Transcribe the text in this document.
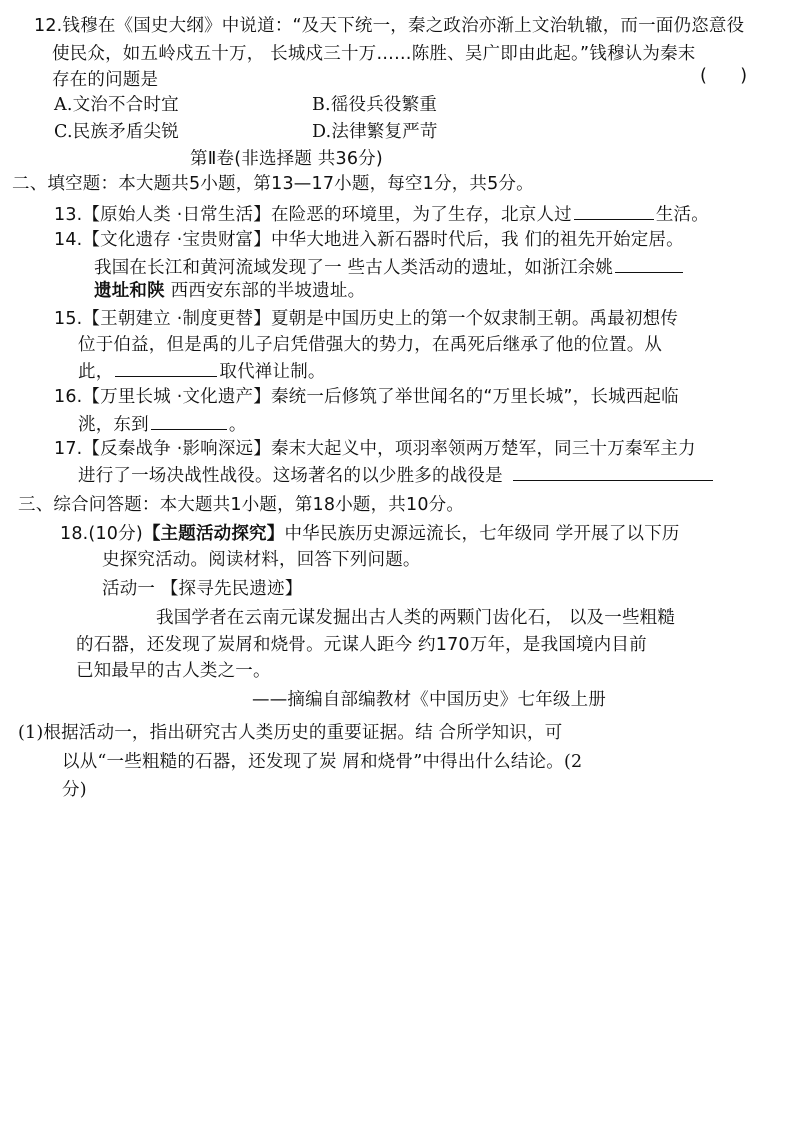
12.钱穆在《国史大纲》中说道：“及天下统一，秦之政治亦渐上文治轨辙，而一面仍恣意役
使民众，如五岭戍五十万， 长城戍三十万……陈胜、吴广即由此起。”钱穆认为秦末
存在的问题是	(      )
A.文治不合时宜	B.徭役兵役繁重
C.民族矛盾尖锐	D.法律繁复严苛
第Ⅱ卷(非选择题 共36分)
二、填空题：本大题共5小题，第13—17小题，每空1分，共5分。
13.【原始人类 ·日常生活】在险恶的环境里，为了生存，北京人过	生活。
14.【文化遗存 ·宝贵财富】中华大地进入新石器时代后，我 们的祖先开始定居。
我国在长江和黄河流域发现了一 些古人类活动的遗址，如浙江余姚
遗址和陕 西西安东部的半坡遗址。
15.【王朝建立 ·制度更替】夏朝是中国历史上的第一个奴隶制王朝。禹最初想传
位于伯益，但是禹的儿子启凭借强大的势力，在禹死后继承了他的位置。从
此，	取代禅让制。
16.【万里长城 ·文化遗产】秦统一后修筑了举世闻名的“万里长城”，长城西起临
洮，东到	。
17.【反秦战争 ·影响深远】秦末大起义中，项羽率领两万楚军，同三十万秦军主力
进行了一场决战性战役。这场著名的以少胜多的战役是
三、综合问答题：本大题共1小题，第18小题，共10分。
18.(10分)【主题活动探究】中华民族历史源远流长，七年级同 学开展了以下历
史探究活动。阅读材料，回答下列问题。
活动一 【探寻先民遗迹】
我国学者在云南元谋发掘出古人类的两颗门齿化石， 以及一些粗糙
的石器，还发现了炭屑和烧骨。元谋人距今 约170万年，是我国境内目前
已知最早的古人类之一。
——摘编自部编教材《中国历史》七年级上册
(1)根据活动一，指出研究古人类历史的重要证据。结 合所学知识，可
以从“一些粗糙的石器，还发现了炭 屑和烧骨”中得出什么结论。(2
分)
